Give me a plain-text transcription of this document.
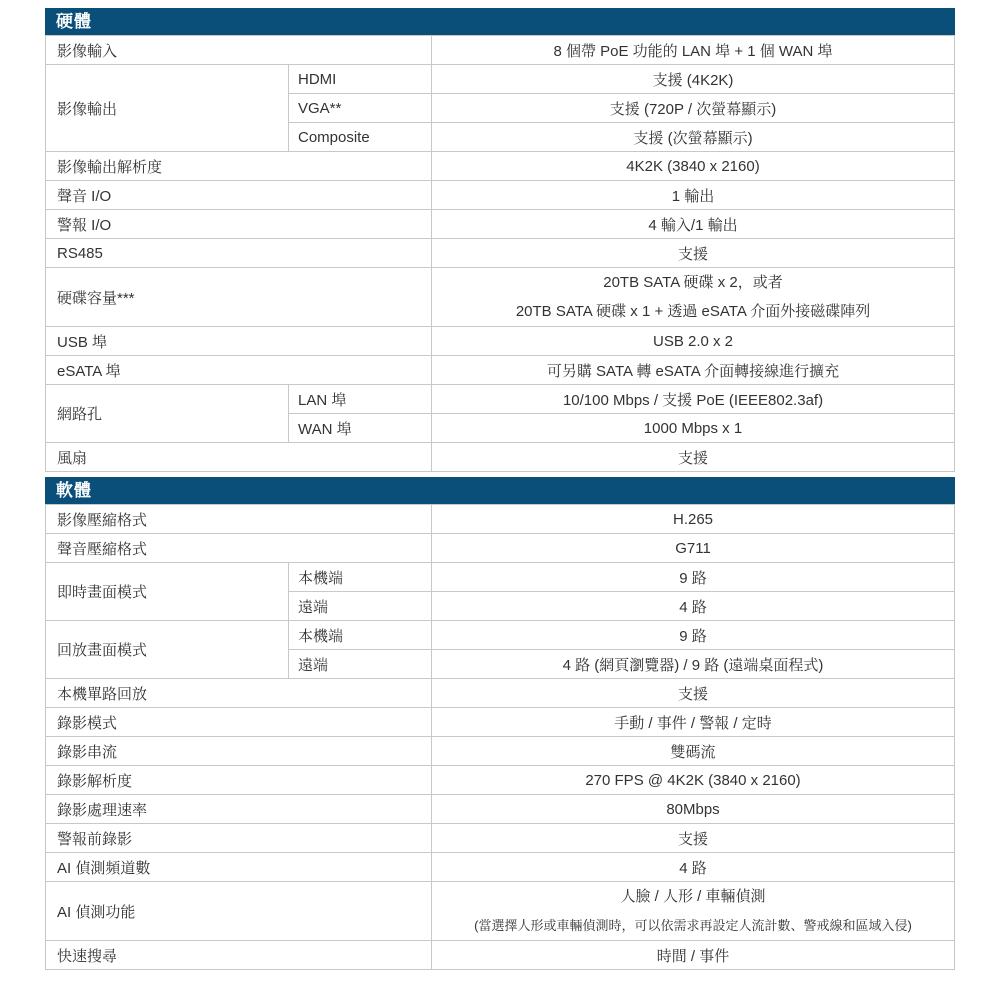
硬體
影像輸入		8 個帶 PoE 功能的 LAN 埠 + 1 個 WAN 埠
影像輸出	HDMI	支援 (4K2K)
	VGA**	支援 (720P / 次螢幕顯示)
	Composite	支援 (次螢幕顯示)
影像輸出解析度		4K2K (3840 x 2160)
聲音 I/O		1 輸出
警報 I/O		4 輸入/1 輸出
RS485		支援
硬碟容量***		20TB SATA 硬碟 x 2，或者
20TB SATA 硬碟 x 1 + 透過 eSATA 介面外接磁碟陣列

USB 埠		USB 2.0 x 2
eSATA 埠		可另購 SATA 轉 eSATA 介面轉接線進行擴充
網路孔	LAN 埠	10/100 Mbps / 支援 PoE (IEEE802.3af)
	WAN 埠	1000 Mbps x 1
風扇		支援
軟體
影像壓縮格式		H.265
聲音壓縮格式		G711
即時畫面模式	本機端	9 路
	遠端	4 路
回放畫面模式	本機端	9 路
	遠端	4 路 (網頁瀏覽器) / 9 路 (遠端桌面程式)
本機單路回放		支援
錄影模式		手動 / 事件 / 警報 / 定時
錄影串流		雙碼流
錄影解析度		270 FPS @ 4K2K (3840 x 2160)
錄影處理速率		80Mbps
警報前錄影		支援
AI 偵測頻道數		4 路
AI 偵測功能		人臉 / 人形 / 車輛偵測
(當選擇人形或車輛偵測時，可以依需求再設定人流計數、警戒線和區域入侵)

快速搜尋		時間 / 事件
